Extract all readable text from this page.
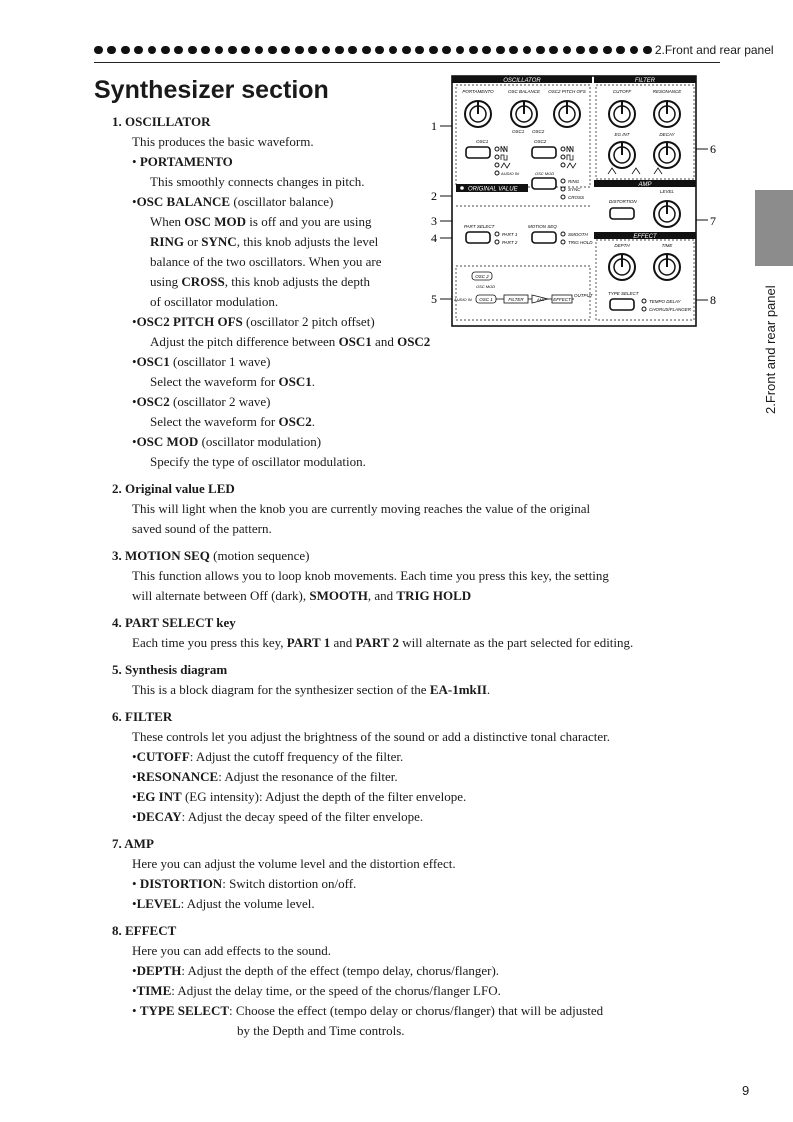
2.Front and rear panel
2.Front and rear panel
Synthesizer section
1
2
3
4
5
6
7
8
OSCILLATOR
PORTAMENTO	OSC BALANCE OSC2 PITCH OFS
OSC1 OSC2
OSC1	OSC2
AUDIO IN	OSC MOD
RING
SYNC
CROSS
ORIGINAL VALUE
PART SELECT	MOTION SEQ
PART 1
PART 2
SMOOTH
TRIG HOLD
OSC 2
OSC MOD
AUDIO IN OSC 1	FILTER	AMP EFFECT
OUTPUT
FILTER
CUTOFF	RESONANCE
EG INT	DECAY
AMP
DISTORTION
LEVEL
EFFECT
DEPTH	TIME
TYPE SELECT
TEMPO DELAY
CHORUS/FLANGER

1. OSCILLATOR

This produces the basic waveform.

• PORTAMENTO

This smoothly connects changes in pitch.

•OSC BALANCE (oscillator balance)

When OSC MOD is off and you are using

RING or SYNC, this knob adjusts the level

balance of the two oscillators. When you are

using CROSS, this knob adjusts the depth

of oscillator modulation.

•OSC2 PITCH OFS (oscillator 2 pitch offset)

Adjust the pitch difference between OSC1 and OSC2

•OSC1 (oscillator 1 wave)

Select the waveform for OSC1.

•OSC2 (oscillator 2 wave)

Select the waveform for OSC2.

•OSC MOD (oscillator modulation)

Specify the type of oscillator modulation.

2. Original value LED

This will light when the knob you are currently moving reaches the value of the original

saved sound of the pattern.

3. MOTION SEQ (motion sequence)

This function allows you to loop knob movements. Each time you press this key, the setting

will alternate between Off (dark), SMOOTH, and TRIG HOLD

4. PART SELECT key

Each time you press this key, PART 1 and PART 2 will alternate as the part selected for editing.

5. Synthesis diagram

This is a block diagram for the synthesizer section of the EA-1mkII.

6. FILTER

These controls let you adjust the brightness of the sound or add a distinctive tonal character.

•CUTOFF: Adjust the cutoff frequency of the filter.

•RESONANCE: Adjust the resonance of the filter.

•EG INT (EG intensity): Adjust the depth of the filter envelope.

•DECAY: Adjust the decay speed of the filter envelope.

7. AMP

Here you can adjust the volume level and the distortion effect.

• DISTORTION: Switch distortion on/off.

•LEVEL: Adjust the volume level.

8. EFFECT

Here you can add effects to the sound.

•DEPTH: Adjust the depth of the effect (tempo delay, chorus/flanger).

•TIME: Adjust the delay time, or the speed of the chorus/flanger LFO.

• TYPE SELECT: Choose the effect (tempo delay or chorus/flanger) that will be adjusted

by the Depth and Time controls.

9
